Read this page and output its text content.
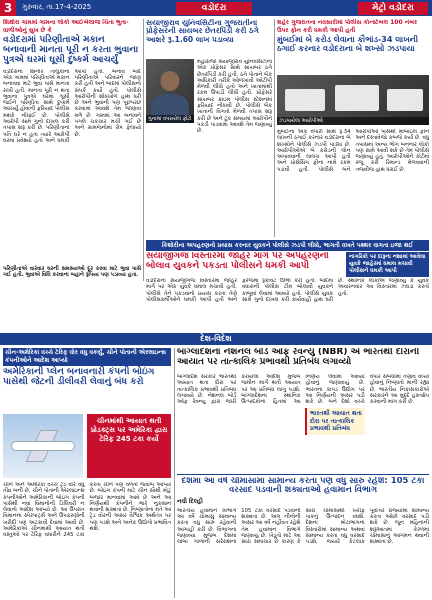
3	ગુરુવાર, તા.17-4-2025	વડોદરા	મેટ્રો વડોદરા
શિક્ષોરા ગામમાં ગામના લોકો આઈબેલાજ ચિંતા ભુતા-વાળીઓનું સુખ છે કે
વડોદરામાં પરિણીતાએ મકાન બનાવાની માનતા પૂરી ન કરતા ભુવાના પુત્રએ ઘરમાં ઘૂસી દુષ્કર્મ આચર્યું
વડોદરાના શિનોર તાલુકાના એક ગામમાં પરિણીતાએ મકાન બનાવવા માટે ભુવા પાસે માનતા રાખી હતી. માનતા પૂરી ન થતા ભુવાના પુત્રએ ઘરમાં ઘૂસી જઈને પરિણીતા સાથે દુષ્કર્મ આચર્યું હોવાની ફરિયાદ પોલીસ મથકે નોંધાઈ છે. પોલીસે આરોપી સામે ગુનો દાખલ કરી તપાસ શરૂ કરી છે. પરિણીતાના પતિ ઘરે ન હતા ત્યારે આરોપી ઘરમાં પ્રવેશ્યો હતો અને ધમકી આપી હતી. બનાવ બાદ પરિણીતાએ પરિવારને જાણ કરી હતી અને બાદમાં પોલીસનો સંપર્ક કર્યો હતો. પોલીસે આરોપીની શોધખોળ હાથ ધરી છે અને ભુવાની પણ પૂછપરછ કરવામાં આવશે તેમ જાણવા મળે છે. ગામમાં આ બનાવને પગલે ચકચાર મચી ગઈ છે અને ગ્રામજનોમાં રોષ ફેલાયો છે.
પરિણીતાએ વારંવાર ઘરની સમસ્યાઓ દૂર કરવા માટે ભુવા પાસે ગઈ હતી. ભુવાએ વિધિ કરવાના બહાને રૂપિયા પણ પડાવ્યા હતા.
સયાજીરાવ યુનિવર્સિટીના ગુજરાતીના પ્રોફેસરની સાયબર છેતરપિંડી કરી ઠગે આશરે રૂ.1.60 લાખ પડાવ્યા
ગુનામાં વપરાયેલ ફોટો
મહારાજા સયાજીરાવ યુનિવર્સિટીના એક પ્રોફેસર સાથે સાયબર ઠગે છેતરપિંડી કરી હતી. ઠગે પોતાને બેંક અધિકારી તરીકે ઓળખાવી ઓટીપી મેળવી લીધો હતો અને ખાતામાંથી રકમ ઉપાડી લીધી હતી. પ્રોફેસરે સાયબર ક્રાઇમ પોલીસ સ્ટેશનમાં ફરિયાદ નોંધાવી છે. પોલીસે બેંક ખાતાની વિગતો મેળવી તપાસ શરૂ કરી છે અને ટૂંક સમયમાં આરોપીને પકડી પાડવામાં આવશે તેમ જણાવ્યું છે.
શહેર ગુજરાતના નવસારીમાં પોલીસ કોન્સ્ટેબલ 100 નંબર ઉપર ફોન કરી ધમકી આપી હતી
મુંબઈમાં બે કરોડ લેવાના કૌભાંડ-34 લાખની ઠગાઈ કરનાર વડોદરાના બે શખ્સો ઝડપાયા
ઝડપાયેલા આરોપીઓ
મુંબઈના એક વેપારી સાથે રૂ.34 લાખની ઠગાઈ કરનાર વડોદરાના બે શખ્સોને પોલીસે ઝડપી પાડ્યા છે. આરોપીઓએ બે કરોડની લોન અપાવવાની લાલચ આપી હતી અને પ્રોસેસિંગ ફીના નામે રકમ પડાવી હતી. પોલીસે બંને આરોપીઓ પાસેથી મોબાઇલ ફોન અને દસ્તાવેજો કબજે કર્યા છે. વધુ તપાસમાં અન્ય ભોગ બનનાર લોકો પણ સામે આવી શકે છે તેમ પોલીસે જણાવ્યું હતું. આરોપીઓને કોર્ટમાં રજૂ કરી રિમાન્ડ મેળવવાની તજવીજ હાથ ધરાઈ છે.
કિશોરીના અપહરણનો પ્રયાસ કરનાર યુવકને પોલીસે ઝડપી લીધો, ભાગતી વખતે પથ્થર વાગતા ઇજા થઈ
સયાજીગંજ વિસ્તારમાં જાહેર માર્ગ પર અપહરણનો બોલાવ યુવકને પકડતા પોલીસને ધમકી આપી
નાગરિકો પર દારૂના નશામાં આવેલા યુવકે જાહેરમાં ધમાલ મચાવી પોલીસને ધમકી આપી
વડોદરાના સયાજીગંજ વિસ્તારમાં જાહેર માર્ગ પર એક યુવકે ધમાલ મચાવી હતી. પોલીસે તેને પકડવાનો પ્રયાસ કરતા તેણે પોલીસકર્મીઓને ધમકી આપી હતી અને ફરજમાં રૂકાવટ ઊભી કરી હતી. બાદમાં વધારાની પોલીસ ટીમ બોલાવી યુવકને કાબૂમાં લેવામાં આવ્યો હતો. પોલીસે યુવક સામે ગુનો દાખલ કરી કાર્યવાહી હાથ ધરી છે. સ્થાનિક લોકોએ જણાવ્યું કે યુવક અવારનવાર આ વિસ્તારમાં ઝઘડા કરતો હતો.
દેશ-વિદેશ
ચીન-અમેરિકા વચ્ચે ટેરિફ વોર વધુ વકર્યું, ચીને પોતાની એરલાઇન્સ કંપનીઓને આદેશ આપ્યો
અમેરિકાની પ્લેન બનાવનારી કંપની બોઇંગ પાસેથી જેટની ડીલીવરી લેવાનું બંધ કરો
ચીનમાંથી આયાત થતી પ્રોડક્ટ્સ પર અમેરિકા દ્વારા ટેરિફ 245 ટકા કર્યો
ચીન અને અમેરિકા વચ્ચે ટ્રેડ વોર વધુ તીવ્ર બની છે. ચીને પોતાની એરલાઇન્સ કંપનીઓને અમેરિકાની બોઇંગ કંપની પાસેથી નવા વિમાનોની ડિલિવરી ન લેવાનો આદેશ આપ્યો છે. આ ઉપરાંત વિમાનના સ્પેરપાર્ટ્સ અને ઉપકરણોની ખરીદી પણ અટકાવી દેવામાં આવી છે. અમેરિકાએ ચીનમાંથી આયાત થતી વસ્તુઓ પર ટેરિફ વધારીને 245 ટકા કરતા ચીને પણ વળતો જવાબ આપ્યો છે. બોઇંગ કંપની માટે ચીન સૌથી મોટું બજાર માનવામાં આવે છે અને આ નિર્ણયથી કંપનીને ભારે નુકસાન થવાની શક્યતા છે. નિષ્ણાતોના મતે આ ટ્રેડ વોરની અસર વૈશ્વિક અર્થતંત્ર પર પણ પડશે અને અનેક ઉદ્યોગો પ્રભાવિત થશે.
બાંગ્લાદેશના નેશનલ બોર્ડ ઓફ રેવન્યુ (NBR) એ ભારતથી દોરાની આયાત પર તાત્કાલિક પ્રભાવથી પ્રતિબંધ લગાવ્યો
બાંગ્લાદેશ સરકારે ભારતથી આયાત થતા દોરા પર તાત્કાલિક પ્રભાવથી પ્રતિબંધ લગાવ્યો છે. નેશનલ બોર્ડ ઓફ રેવન્યુ દ્વારા જારી કરાયેલા આદેશ મુજબ જમીન માર્ગે થતી આયાત પર આ પ્રતિબંધ લાગુ પડશે. બાંગ્લાદેશના સ્થાનિક ઉત્પાદકોના હિતમાં આ નિર્ણય લેવામાં આવ્યો હોવાનું જણાવાયું છે. ભારતના કાપડ ઉદ્યોગ પર આ નિર્ણયની અસર પડી શકે છે. બંને દેશો વચ્ચે વેપાર સંબંધોમાં તણાવ વધ્યો હોવાનું નિષ્ણાતો માની રહ્યા છે. ભારતીય નિકાસકારોએ સરકારને આ મુદ્દે હસ્તક્ષેપ કરવાની માંગ કરી છે.
ભારતથી આયાત થતા દોરા પર તાત્કાલિક પ્રભાવથી પ્રતિબંધ
દેશમાં આ વર્ષે ચોમાસામાં સામાન્ય કરતા પણ વધુ સારું રહેશે: 105 ટકા વરસાદ પડવાની શક્યતાઓ હવામાન વિભાગ
નવી દિલ્હી
ભારતીય હવામાન વિભાગે આ વર્ષે ચોમાસું સામાન્ય કરતા વધુ સારું રહેવાની આગાહી કરી છે. વિભાગના જણાવ્યા મુજબ દેશમાં લાંબા ગાળાની સરેરાશના 105 ટકા વરસાદ પડવાની શક્યતા છે. અલ નીનોની અસર આ વર્ષે નહીંવત રહેશે તેમ હવામાન વિભાગે જણાવ્યું છે. ખેડૂતો માટે આ સારા સમાચાર છે કારણ કે સારા ચોમાસાથી ખરીફ પાકનું ઉત્પાદન વધશે. દેશના મોટાભાગના વિસ્તારોમાં સામાન્ય અથવા સામાન્ય કરતા વધુ વરસાદ પડશે, જ્યારે કેટલાક પૂર્વોત્તર રાજ્યોમાં સામાન્ય કરતા ઓછો વરસાદ પડી શકે છે. જૂન મહિનાની શરૂઆતમાં કેરળમાં ચોમાસાનું આગમન થવાની શક્યતા છે.
